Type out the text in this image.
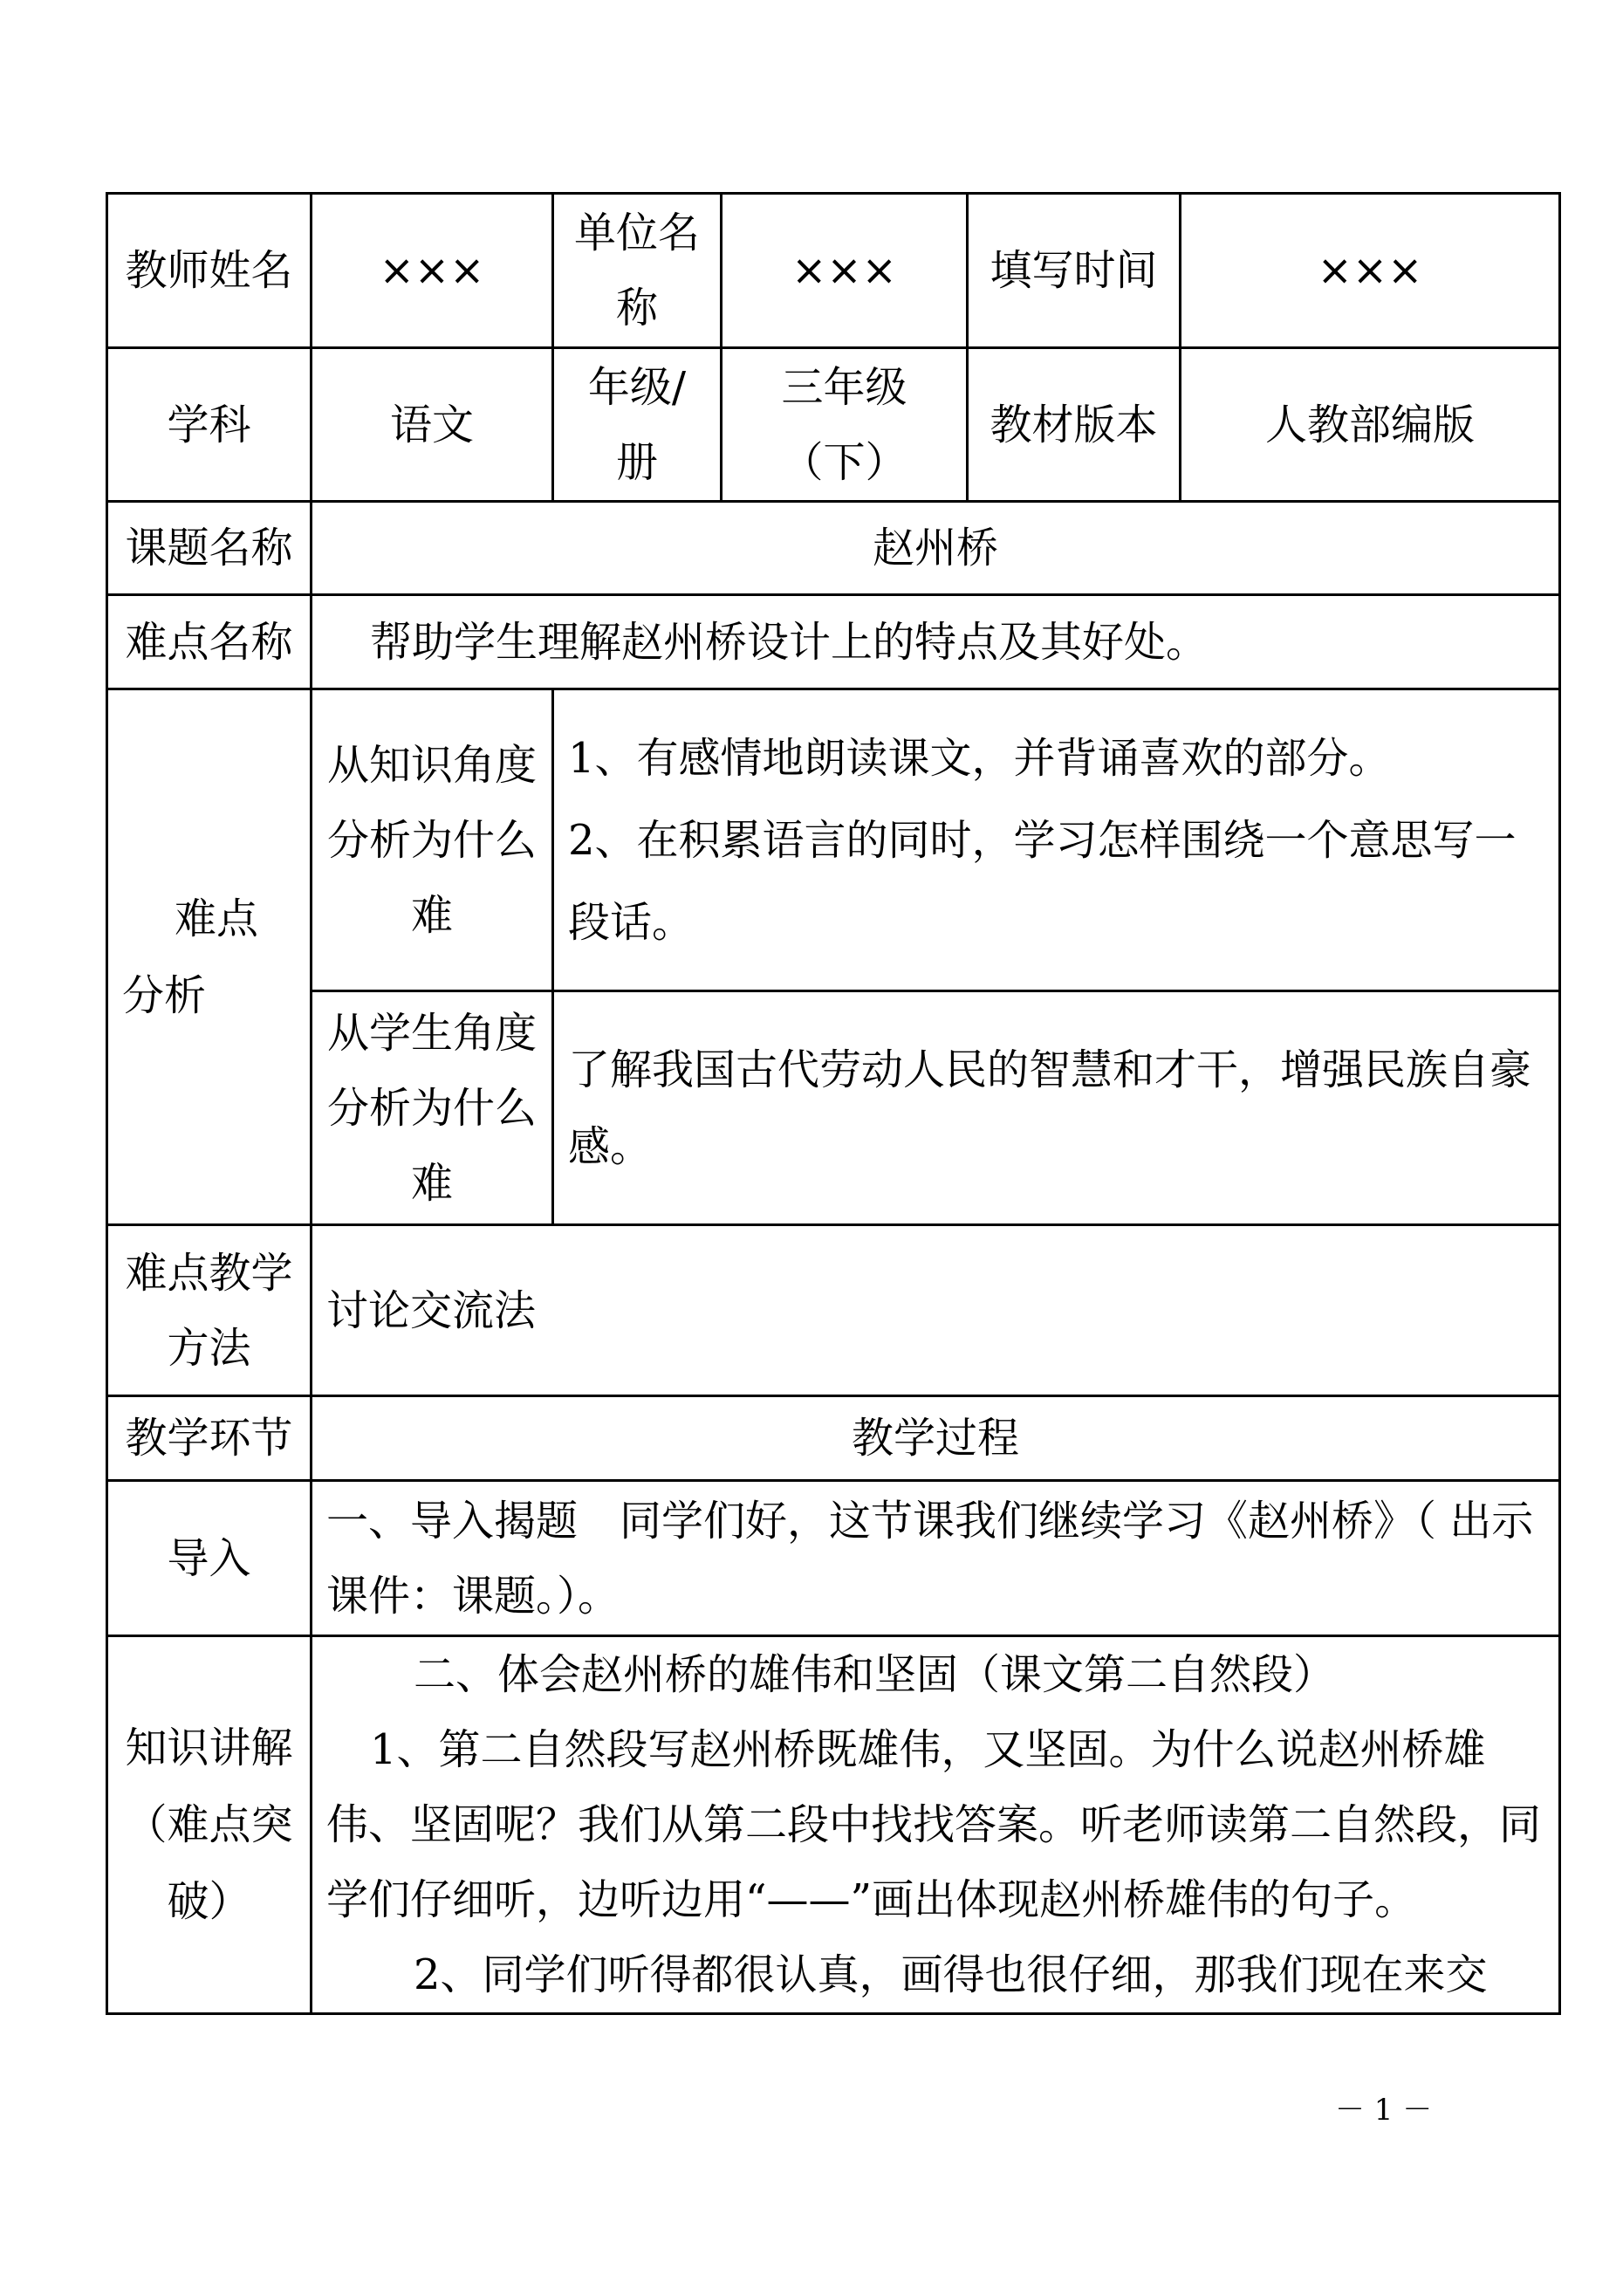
教师姓名	×××	单位名称	×××	填写时间	×××
学科	语文	年级/册	三年级（下）	教材版本	人教部编版
课题名称	赵州桥				
难点名称	帮助学生理解赵州桥设计上的特点及其好处。				

难点分析	从知识角度分析为什么难	1、有感情地朗读课文，并背诵喜欢的部分。
2、在积累语言的同时，学习怎样围绕一个意思写一段话。			

	从学生角度分析为什么难	了解我国古代劳动人民的智慧和才干，增强民族自豪感。			
难点教学方法	讨论交流法				
教学环节	教学过程				
导入	一、导入揭题　同学们好，这节课我们继续学习《赵州桥》（ 出示课件：课题。）。				
知识讲解（难点突破）	二、体会赵州桥的雄伟和坚固（课文第二自然段）
1、第二自然段写赵州桥既雄伟，又坚固。为什么说赵州桥雄伟、坚固呢？我们从第二段中找找答案。听老师读第二自然段，同学们仔细听，边听边用“——”画出体现赵州桥雄伟的句子。
2、同学们听得都很认真，画得也很仔细，那我们现在来交				
－ 1 －
